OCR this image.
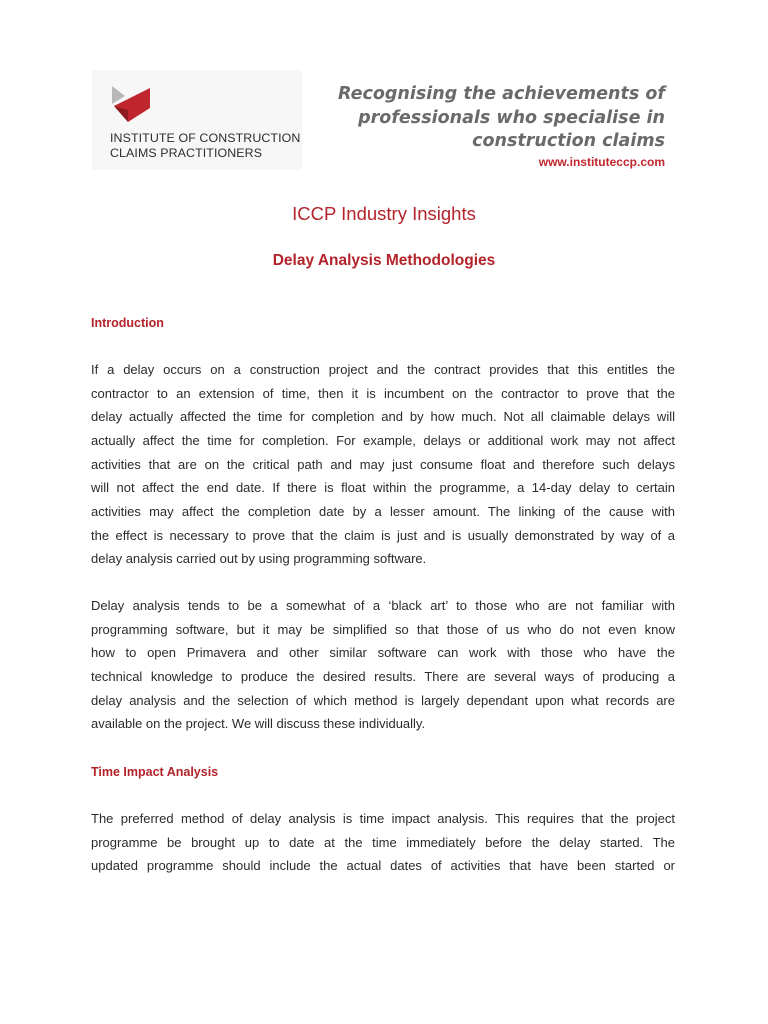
INSTITUTE OF CONSTRUCTION
CLAIMS PRACTITIONERS
Recognising the achievements of
professionals who specialise in
construction claims
www.instituteccp.com
ICCP Industry Insights
Delay Analysis Methodologies
Introduction
If a delay occurs on a construction project and the contract provides that this entitles the
contractor to an extension of time, then it is incumbent on the contractor to prove that the
delay actually affected the time for completion and by how much. Not all claimable delays will
actually affect the time for completion. For example, delays or additional work may not affect
activities that are on the critical path and may just consume float and therefore such delays
will not affect the end date. If there is float within the programme, a 14-day delay to certain
activities may affect the completion date by a lesser amount. The linking of the cause with
the effect is necessary to prove that the claim is just and is usually demonstrated by way of a
delay analysis carried out by using programming software.
Delay analysis tends to be a somewhat of a ‘black art’ to those who are not familiar with
programming software, but it may be simplified so that those of us who do not even know
how to open Primavera and other similar software can work with those who have the
technical knowledge to produce the desired results. There are several ways of producing a
delay analysis and the selection of which method is largely dependant upon what records are
available on the project. We will discuss these individually.
Time Impact Analysis
The preferred method of delay analysis is time impact analysis. This requires that the project
programme be brought up to date at the time immediately before the delay started. The
updated programme should include the actual dates of activities that have been started or
